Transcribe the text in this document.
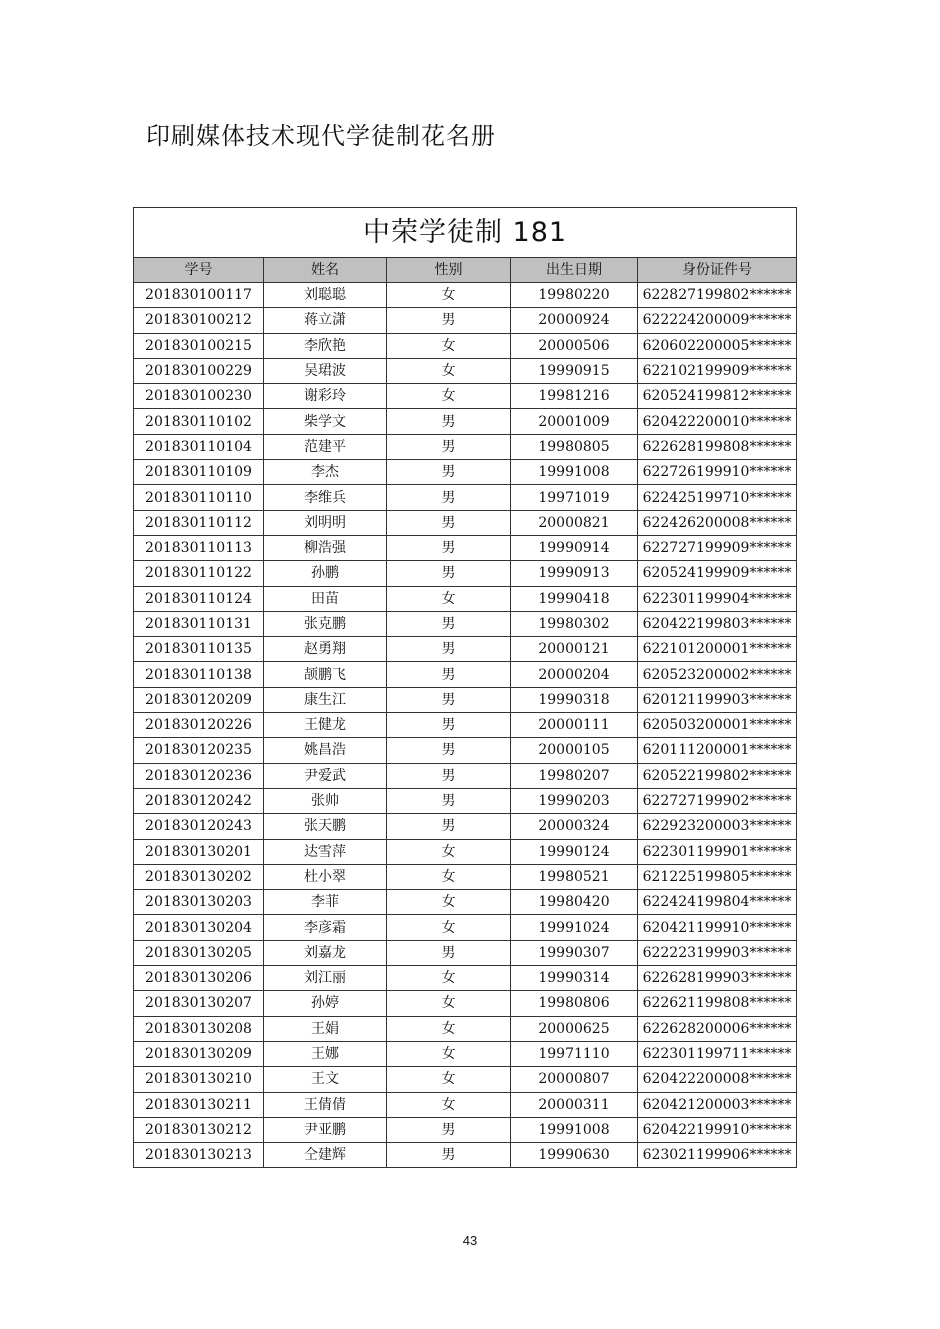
印刷媒体技术现代学徒制花名册
中荣学徒制 181				
学号	姓名	性别	出生日期	身份证件号
201830100117	刘聪聪	女	19980220	622827199802******
201830100212	蒋立潇	男	20000924	622224200009******
201830100215	李欣艳	女	20000506	620602200005******
201830100229	吴珺波	女	19990915	622102199909******
201830100230	谢彩玲	女	19981216	620524199812******
201830110102	柴学文	男	20001009	620422200010******
201830110104	范建平	男	19980805	622628199808******
201830110109	李杰	男	19991008	622726199910******
201830110110	李维兵	男	19971019	622425199710******
201830110112	刘明明	男	20000821	622426200008******
201830110113	柳浩强	男	19990914	622727199909******
201830110122	孙鹏	男	19990913	620524199909******
201830110124	田苗	女	19990418	622301199904******
201830110131	张克鹏	男	19980302	620422199803******
201830110135	赵勇翔	男	20000121	622101200001******
201830110138	颉鹏飞	男	20000204	620523200002******
201830120209	康生江	男	19990318	620121199903******
201830120226	王健龙	男	20000111	620503200001******
201830120235	姚昌浩	男	20000105	620111200001******
201830120236	尹爱武	男	19980207	620522199802******
201830120242	张帅	男	19990203	622727199902******
201830120243	张天鹏	男	20000324	622923200003******
201830130201	达雪萍	女	19990124	622301199901******
201830130202	杜小翠	女	19980521	621225199805******
201830130203	李菲	女	19980420	622424199804******
201830130204	李彦霜	女	19991024	620421199910******
201830130205	刘嘉龙	男	19990307	622223199903******
201830130206	刘江丽	女	19990314	622628199903******
201830130207	孙婷	女	19980806	622621199808******
201830130208	王娟	女	20000625	622628200006******
201830130209	王娜	女	19971110	622301199711******
201830130210	王文	女	20000807	620422200008******
201830130211	王倩倩	女	20000311	620421200003******
201830130212	尹亚鹏	男	19991008	620422199910******
201830130213	仝建辉	男	19990630	623021199906******
43
